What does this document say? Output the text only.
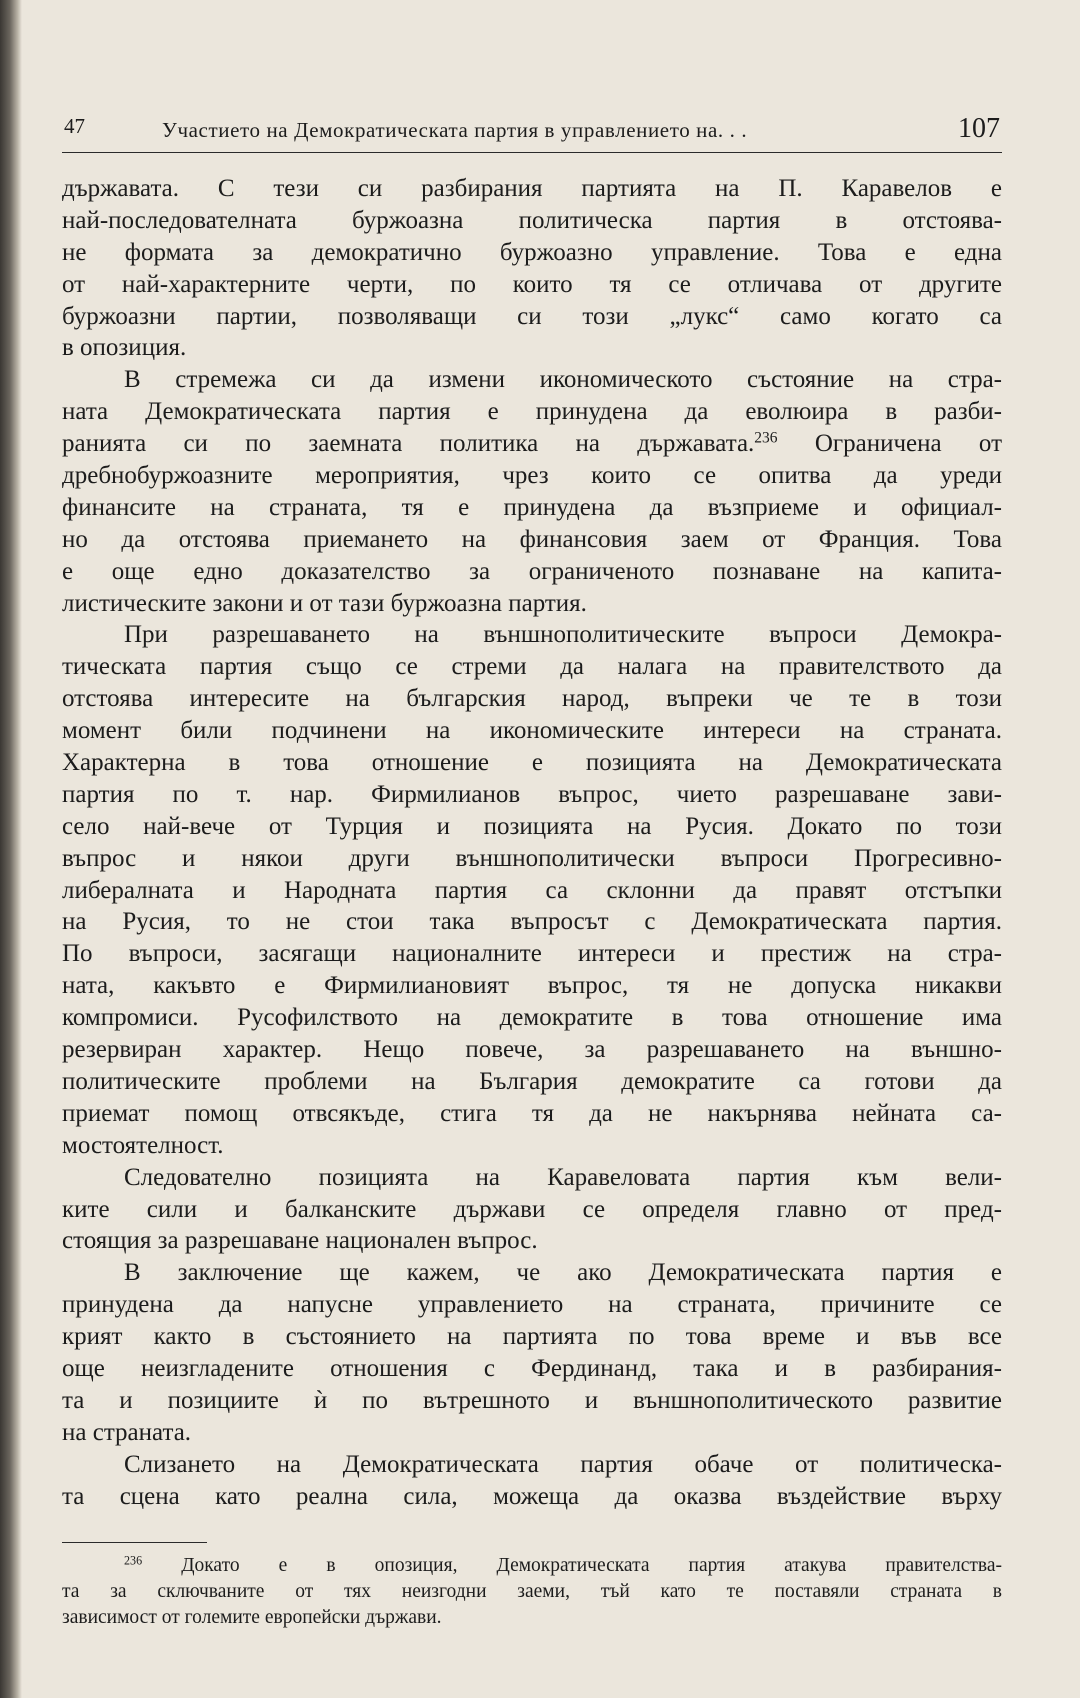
47	Участието на Демократическата партия в управлението на. . .	107
държавата. С тези си разбирания партията на П. Каравелов е
най-последователната буржоазна политическа партия в отстоява-
не формата за демократично буржоазно управление. Това е една
от най-характерните черти, по които тя се отличава от другите
буржоазни партии, позволяващи си този „лукс“ само когато са
в опозиция.
В стремежа си да измени икономическото състояние на стра-
ната Демократическата партия е принудена да еволюира в разби-
ранията си по заемната политика на държавата.$^{236}$ Ограничена от
дребнобуржоазните мероприятия, чрез които се опитва да уреди
финансите на страната, тя е принудена да възприеме и официал-
но да отстоява приемането на финансовия заем от Франция. Това
е още едно доказателство за ограниченото познаване на капита-
листическите закони и от тази буржоазна партия.
При разрешаването на външнополитическите въпроси Демокра-
тическата партия също се стреми да налага на правителството да
отстоява интересите на българския народ, въпреки че те в този
момент били подчинени на икономическите интереси на страната.
Характерна в това отношение е позицията на Демократическата
партия по т. нар. Фирмилианов въпрос, чието разрешаване зави-
село най-вече от Турция и позицията на Русия. Докато по този
въпрос и някои други външнополитически въпроси Прогресивно-
либералната и Народната партия са склонни да правят отстъпки
на Русия, то не стои така въпросът с Демократическата партия.
По въпроси, засягащи националните интереси и престиж на стра-
ната, какъвто е Фирмилиановият въпрос, тя не допуска никакви
компромиси. Русофилството на демократите в това отношение има
резервиран характер. Нещо повече, за разрешаването на външно-
политическите проблеми на България демократите са готови да
приемат помощ отвсякъде, стига тя да не накърнява нейната са-
мостоятелност.
Следователно позицията на Каравеловата партия към вели-
ките сили и балканските държави се определя главно от пред-
стоящия за разрешаване национален въпрос.
В заключение ще кажем, че ако Демократическата партия е
принудена да напусне управлението на страната, причините се
крият както в състоянието на партията по това време и във все
още неизгладените отношения с Фердинанд, така и в разбирания-
та и позициите ѝ по вътрешното и външнополитическото развитие
на страната.
Слизането на Демократическата партия обаче от политическа-
та сцена като реална сила, можеща да оказва въздействие върху
$^{236}$ Докато е в опозиция, Демократическата партия атакува правителства-
та за сключваните от тях неизгодни заеми, тъй като те поставяли страната в
зависимост от големите европейски държави.
